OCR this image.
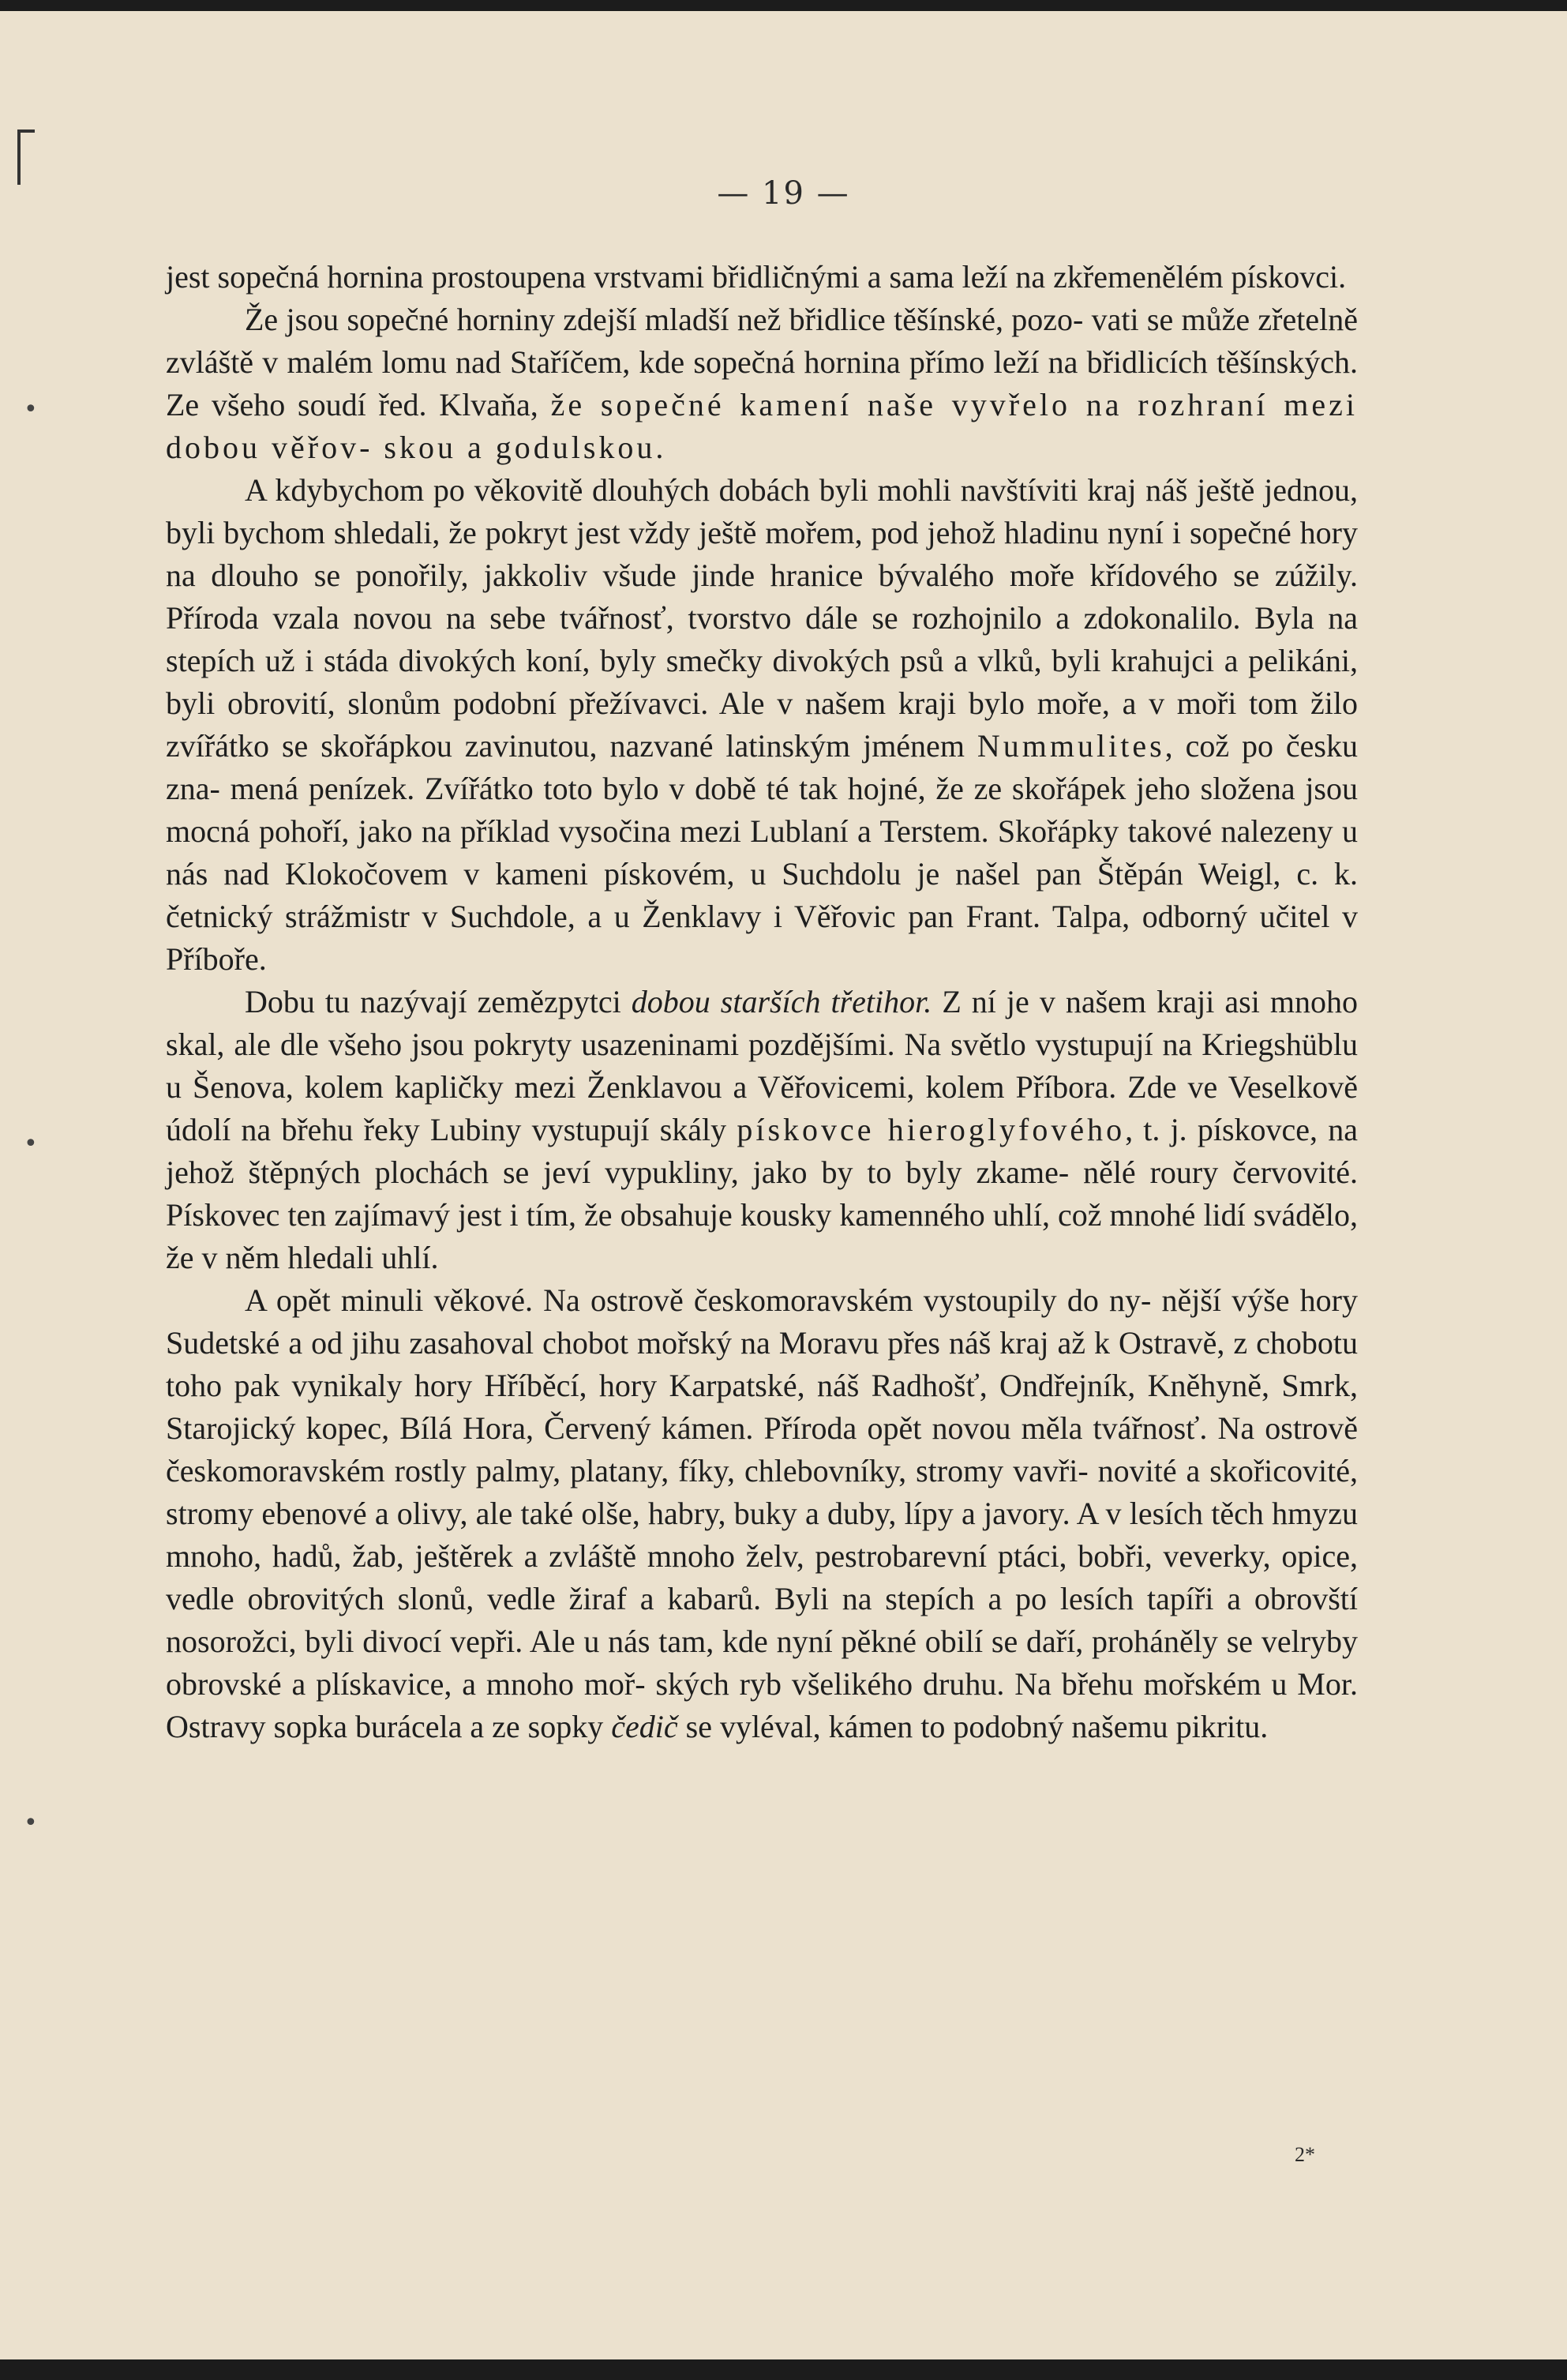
•
•
•
— 19 —

jest sopečná hornina prostoupena vrstvami břidličnými a sama leží na zkřemenělém pískovci.

Že jsou sopečné horniny zdejší mladší než břidlice těšínské, pozo- vati se může zřetelně zvláště v malém lomu nad Staříčem, kde sopečná hornina přímo leží na břidlicích těšínských. Ze všeho soudí řed. Klvaňa, že sopečné kamení naše vyvřelo na rozhraní mezi dobou věřov- skou a godulskou.

A kdybychom po věkovitě dlouhých dobách byli mohli navštíviti kraj náš ještě jednou, byli bychom shledali, že pokryt jest vždy ještě mořem, pod jehož hladinu nyní i sopečné hory na dlouho se ponořily, jakkoliv všude jinde hranice bývalého moře křídového se zúžily. Příroda vzala novou na sebe tvářnosť, tvorstvo dále se rozhojnilo a zdokonalilo. Byla na stepích už i stáda divokých koní, byly smečky divokých psů a vlků, byli krahujci a pelikáni, byli obrovití, slonům podobní přežívavci. Ale v našem kraji bylo moře, a v moři tom žilo zvířátko se skořápkou zavinutou, nazvané latinským jménem Nummulites, což po česku zna- mená penízek. Zvířátko toto bylo v době té tak hojné, že ze skořápek jeho složena jsou mocná pohoří, jako na příklad vysočina mezi Lublaní a Terstem. Skořápky takové nalezeny u nás nad Klokočovem v kameni pískovém, u Suchdolu je našel pan Štěpán Weigl, c. k. četnický strážmistr v Suchdole, a u Ženklavy i Věřovic pan Frant. Talpa, odborný učitel v Příboře.

Dobu tu nazývají zemězpytci dobou starších třetihor. Z ní je v našem kraji asi mnoho skal, ale dle všeho jsou pokryty usazeninami pozdějšími. Na světlo vystupují na Kriegshüblu u Šenova, kolem kapličky mezi Ženklavou a Věřovicemi, kolem Příbora. Zde ve Veselkově údolí na břehu řeky Lubiny vystupují skály pískovce hieroglyfového, t. j. pískovce, na jehož štěpných plochách se jeví vypukliny, jako by to byly zkame- nělé roury červovité. Pískovec ten zajímavý jest i tím, že obsahuje kousky kamenného uhlí, což mnohé lidí svádělo, že v něm hledali uhlí.

A opět minuli věkové. Na ostrově českomoravském vystoupily do ny- nější výše hory Sudetské a od jihu zasahoval chobot mořský na Moravu přes náš kraj až k Ostravě, z chobotu toho pak vynikaly hory Hříběcí, hory Karpatské, náš Radhošť, Ondřejník, Kněhyně, Smrk, Starojický kopec, Bílá Hora, Červený kámen. Příroda opět novou měla tvářnosť. Na ostrově českomoravském rostly palmy, platany, fíky, chlebovníky, stromy vavři- novité a skořicovité, stromy ebenové a olivy, ale také olše, habry, buky a duby, lípy a javory. A v lesích těch hmyzu mnoho, hadů, žab, ještěrek a zvláště mnoho želv, pestrobarevní ptáci, bobři, veverky, opice, vedle obrovitých slonů, vedle žiraf a kabarů. Byli na stepích a po lesích tapíři a obrovští nosorožci, byli divocí vepři. Ale u nás tam, kde nyní pěkné obilí se daří, proháněly se velryby obrovské a plískavice, a mnoho moř- ských ryb všelikého druhu. Na břehu mořském u Mor. Ostravy sopka burácela a ze sopky čedič se vyléval, kámen to podobný našemu pikritu.

2*
